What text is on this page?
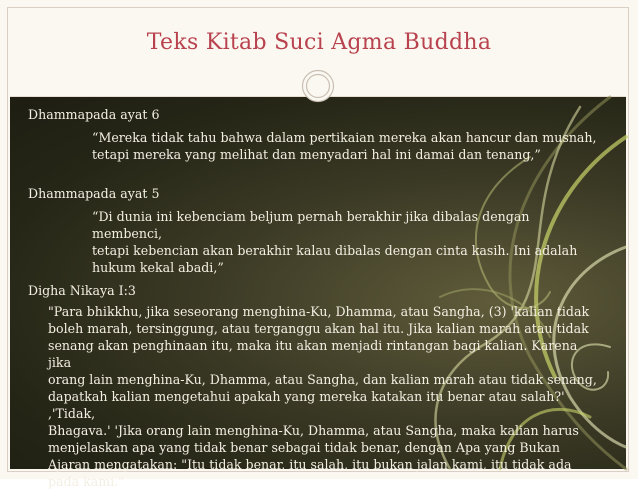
Teks Kitab Suci Agma Buddha

Dhammapada ayat 6

“Mereka tidak tahu bahwa dalam pertikaian mereka akan hancur dan musnah,

tetapi mereka yang melihat dan menyadari hal ini damai dan tenang,”

Dhammapada ayat 5

“Di dunia ini kebenciam beljum pernah berakhir jika dibalas dengan membenci,

tetapi kebencian akan berakhir kalau dibalas dengan cinta kasih. Ini adalah

hukum kekal abadi,”

Digha Nikaya I:3

"Para bhikkhu, jika seseorang menghina-Ku, Dhamma, atau Sangha, (3) 'kalian tidak

boleh marah, tersinggung, atau terganggu akan hal itu. Jika kalian marah atau tidak

senang akan penghinaan itu, maka itu akan menjadi rintangan bagi kalian. Karena jika

orang lain menghina-Ku, Dhamma, atau Sangha, dan kalian marah atau tidak senang,

dapatkah kalian mengetahui apakah yang mereka katakan itu benar atau salah?' ,'Tidak,

Bhagava.' 'Jika orang lain menghina-Ku, Dhamma, atau Sangha, maka kalian harus

menjelaskan apa yang tidak benar sebagai tidak benar, dengan Apa yang Bukan

Ajaran mengatakan: "Itu tidak benar, itu salah, itu bukan jalan kami, itu tidak ada

pada kami."
